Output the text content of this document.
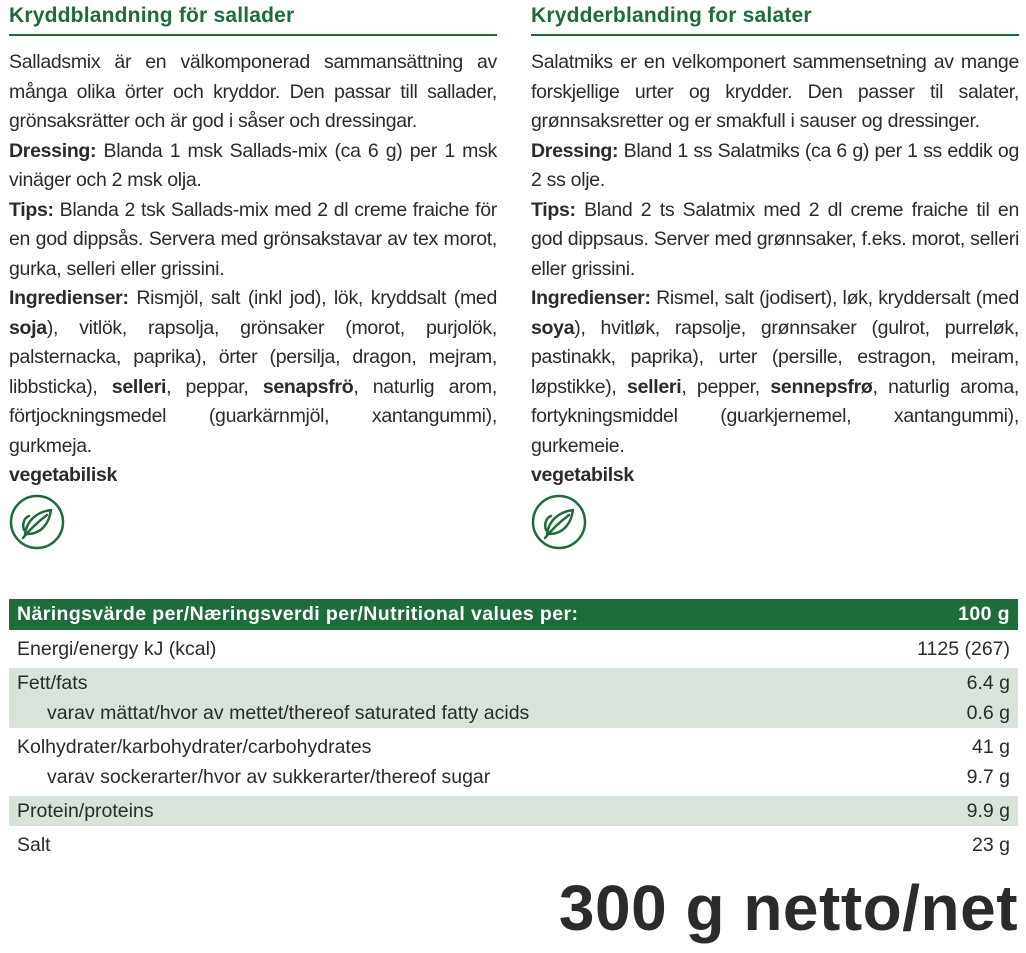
Kryddblandning för sallader

Salladsmix är en välkomponerad sammansättning av många olika örter och kryddor. Den passar till sallader, grönsaksrätter och är god i såser och dressingar.

Dressing: Blanda 1 msk Sallads-mix (ca 6 g) per 1 msk vinäger och 2 msk olja.

Tips: Blanda 2 tsk Sallads-mix med 2 dl creme fraiche för en god dippsås. Servera med grönsakstavar av tex morot, gurka, selleri eller grissini.

Ingredienser: Rismjöl, salt (inkl jod), lök, kryddsalt (med soja), vitlök, rapsolja, grönsaker (morot, purjolök, palsternacka, paprika), örter (persilja, dragon, mejram, libbsticka), selleri, peppar, senapsfrö, naturlig arom, förtjockningsmedel (guarkärnmjöl, xantangummi), gurkmeja.

vegetabilisk
Krydderblanding for salater

Salatmiks er en velkomponert sammensetning av mange forskjellige urter og krydder. Den passer til salater, grønnsaksretter og er smakfull i sauser og dressinger.

Dressing: Bland 1 ss Salatmiks (ca 6 g) per 1 ss eddik og 2 ss olje.

Tips: Bland 2 ts Salatmix med 2 dl creme fraiche til en god dippsaus. Server med grønnsaker, f.eks. morot, selleri eller grissini.

Ingredienser: Rismel, salt (jodisert), løk, kryddersalt (med soya), hvitløk, rapsolje, grønnsaker (gulrot, purreløk, pastinakk, paprika), urter (persille, estragon, meiram, løpstikke), selleri, pepper, sennepsfrø, naturlig aroma, fortykningsmiddel (guarkjernemel, xantangummi), gurkemeie.

vegetabilsk
Näringsvärde per/Næringsverdi per/Nutritional values per:	100 g
Energi/energy kJ (kcal)	1125 (267)
Fett/fats	6.4 g
varav mättat/hvor av mettet/thereof saturated fatty acids	0.6 g
Kolhydrater/karbohydrater/carbohydrates	41 g
varav sockerarter/hvor av sukkerarter/thereof sugar	9.7 g
Protein/proteins	9.9 g
Salt	23 g
300 g netto/net
